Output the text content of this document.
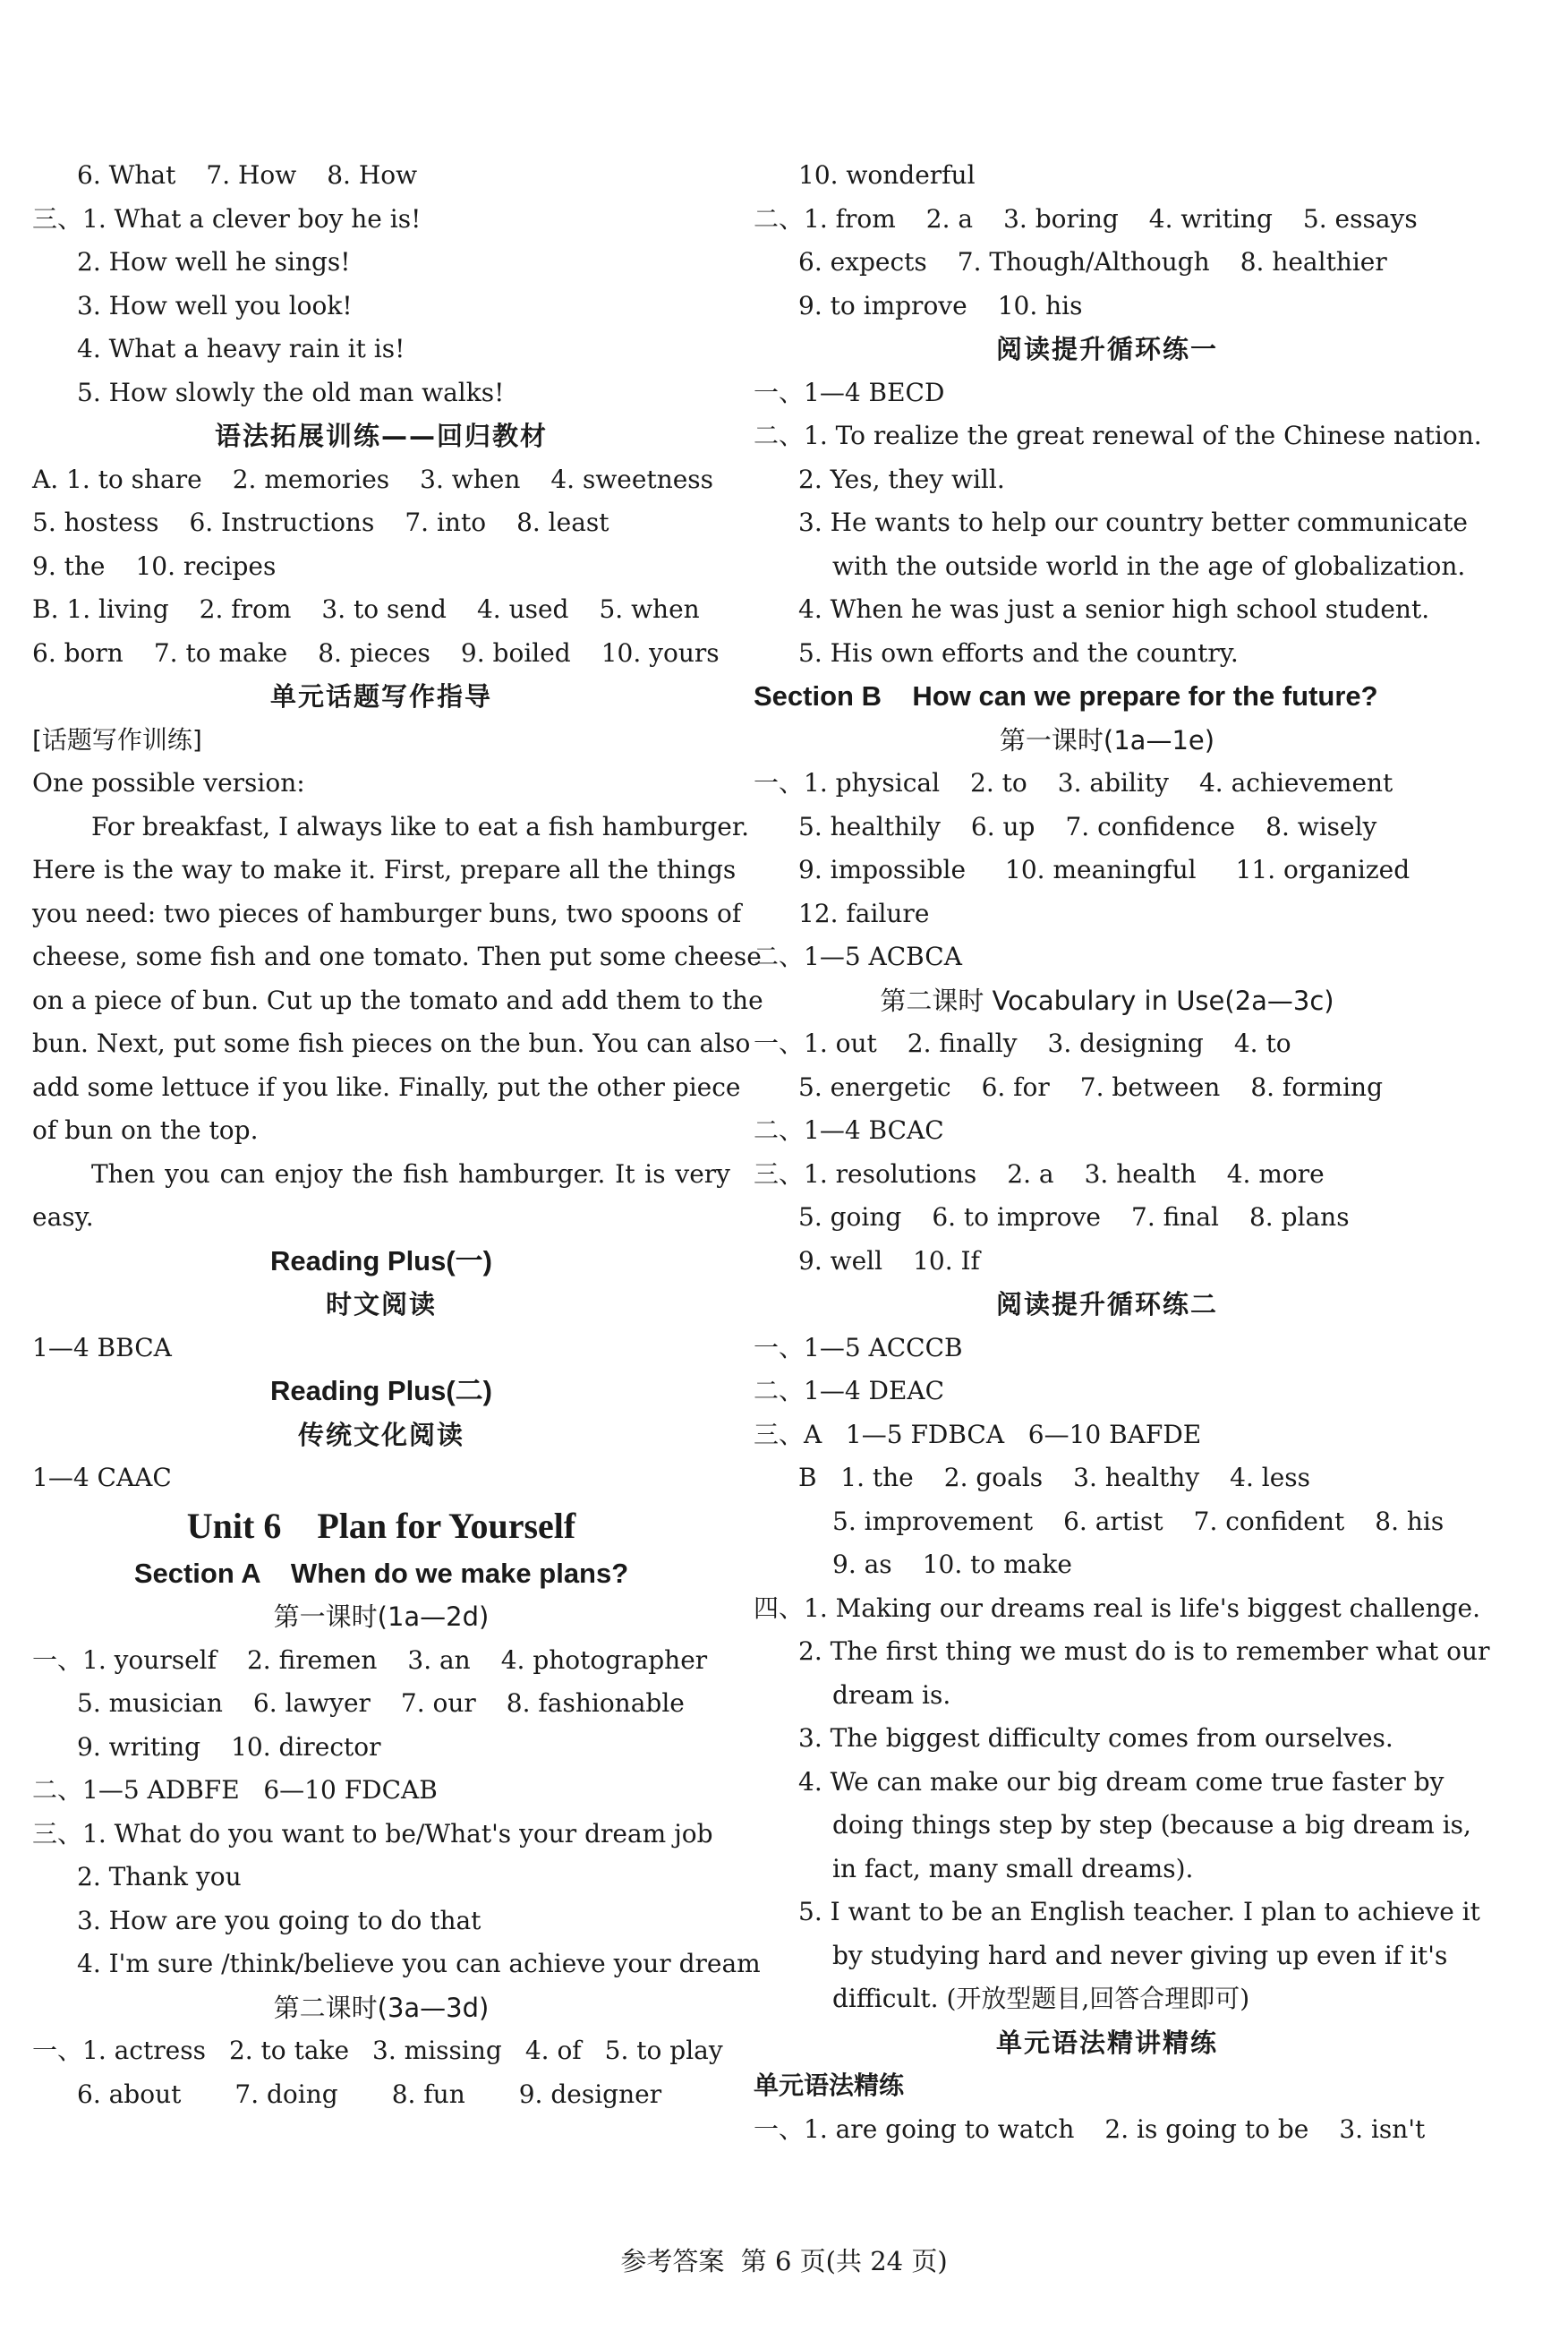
6. What 7. How 8. How
三、1. What a clever boy he is!
2. How well he sings!
3. How well you look!
4. What a heavy rain it is!
5. How slowly the old man walks!
语法拓展训练——回归教材
A. 1. to share 2. memories 3. when 4. sweetness
5. hostess 6. Instructions 7. into 8. least
9. the 10. recipes
B. 1. living 2. from 3. to send 4. used 5. when
6. born 7. to make 8. pieces 9. boiled 10. yours
单元话题写作指导
[话题写作训练]
One possible version:
For breakfast, I always like to eat a fish hamburger.
Here is the way to make it. First, prepare all the things
you need: two pieces of hamburger buns, two spoons of
cheese, some fish and one tomato. Then put some cheese
on a piece of bun. Cut up the tomato and add them to the
bun. Next, put some fish pieces on the bun. You can also
add some lettuce if you like. Finally, put the other piece
of bun on the top.
Then you can enjoy the fish hamburger. It is very
easy.
Reading Plus(一)
时文阅读
1—4 BBCA
Reading Plus(二)
传统文化阅读
1—4 CAAC
Unit 6    Plan for Yourself
Section A    When do we make plans?
第一课时(1a—2d)
一、1. yourself 2. firemen 3. an 4. photographer
5. musician 6. lawyer 7. our 8. fashionable
9. writing 10. director
二、1—5 ADBFE   6—10 FDCAB
三、1. What do you want to be/What's your dream job
2. Thank you
3. How are you going to do that
4. I'm sure /think/believe you can achieve your dream
第二课时(3a—3d)
一、1. actress 2. to take 3. missing 4. of 5. to play
6. about 7. doing 8. fun 9. designer
10. wonderful
二、1. from 2. a 3. boring 4. writing 5. essays
6. expects 7. Though/Although 8. healthier
9. to improve 10. his
阅读提升循环练一
一、1—4 BECD
二、1. To realize the great renewal of the Chinese nation.
2. Yes, they will.
3. He wants to help our country better communicate
with the outside world in the age of globalization.
4. When he was just a senior high school student.
5. His own efforts and the country.
Section B    How can we prepare for the future?
第一课时(1a—1e)
一、1. physical 2. to 3. ability 4. achievement
5. healthily 6. up 7. confidence 8. wisely
9. impossible 10. meaningful 11. organized
12. failure
二、1—5 ACBCA
第二课时 Vocabulary in Use(2a—3c)
一、1. out 2. finally 3. designing 4. to
5. energetic 6. for 7. between 8. forming
二、1—4 BCAC
三、1. resolutions 2. a 3. health 4. more
5. going 6. to improve 7. final 8. plans
9. well 10. If
阅读提升循环练二
一、1—5 ACCCB
二、1—4 DEAC
三、A   1—5 FDBCA   6—10 BAFDE
B   1. the 2. goals 3. healthy 4. less
5. improvement 6. artist 7. confident 8. his
9. as 10. to make
四、1. Making our dreams real is life's biggest challenge.
2. The first thing we must do is to remember what our
dream is.
3. The biggest difficulty comes from ourselves.
4. We can make our big dream come true faster by
doing things step by step (because a big dream is,
in fact, many small dreams).
5. I want to be an English teacher. I plan to achieve it
by studying hard and never giving up even if it's
difficult. (开放型题目,回答合理即可)
单元语法精讲精练
单元语法精练
一、1. are going to watch 2. is going to be 3. isn't
参考答案  第 6 页(共 24 页)
